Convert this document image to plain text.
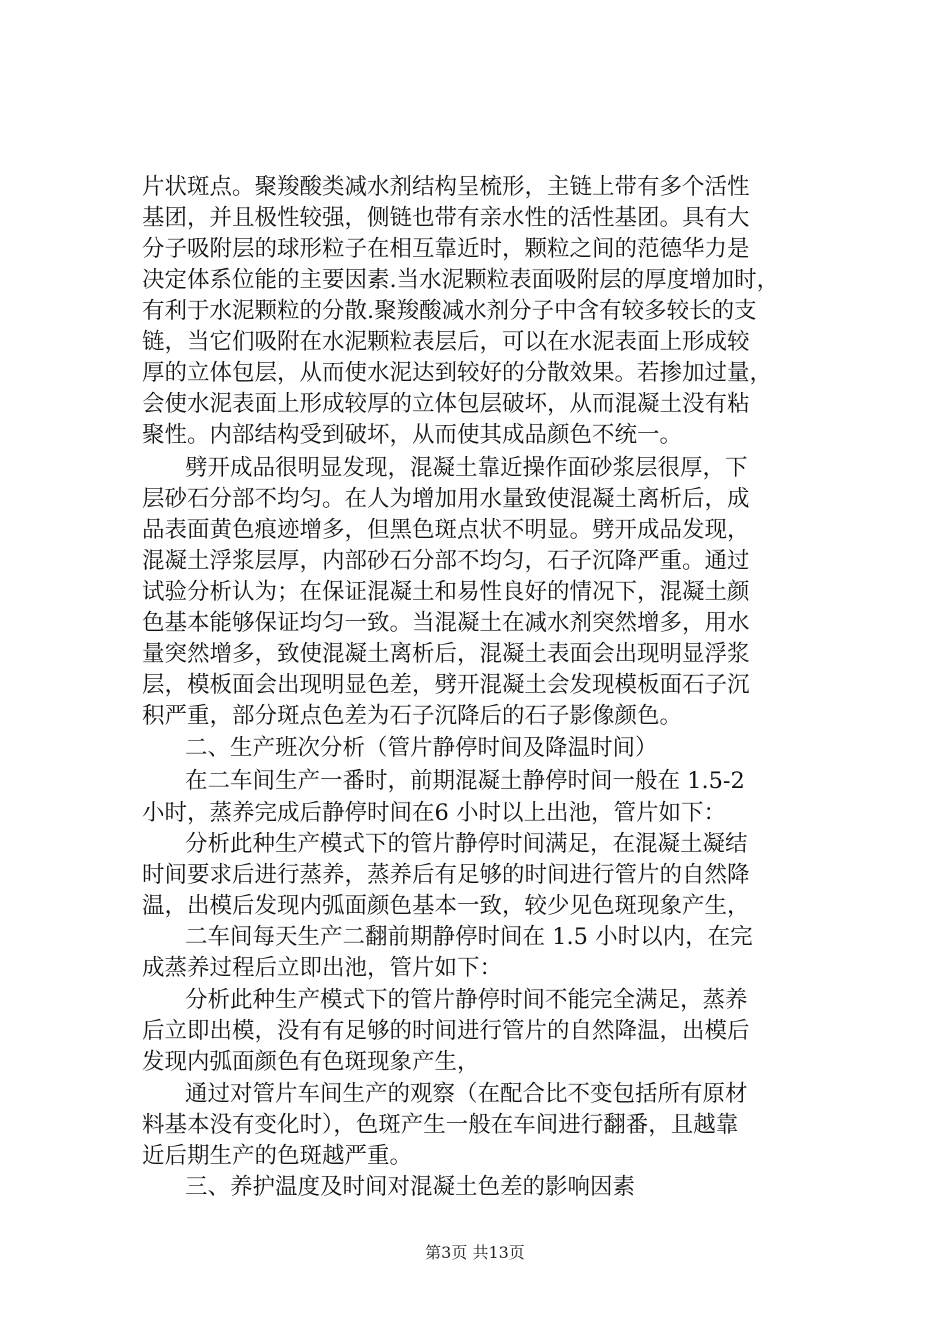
片状斑点。聚羧酸类减水剂结构呈梳形，主链上带有多个活性
基团，并且极性较强，侧链也带有亲水性的活性基团。具有大
分子吸附层的球形粒子在相互靠近时，颗粒之间的范德华力是
决定体系位能的主要因素.当水泥颗粒表面吸附层的厚度增加时，
有利于水泥颗粒的分散.聚羧酸减水剂分子中含有较多较长的支
链，当它们吸附在水泥颗粒表层后，可以在水泥表面上形成较
厚的立体包层，从而使水泥达到较好的分散效果。若掺加过量，
会使水泥表面上形成较厚的立体包层破坏，从而混凝土没有粘
聚性。内部结构受到破坏，从而使其成品颜色不统一。
劈开成品很明显发现，混凝土靠近操作面砂浆层很厚，下
层砂石分部不均匀。在人为增加用水量致使混凝土离析后，成
品表面黄色痕迹增多，但黑色斑点状不明显。劈开成品发现，
混凝土浮浆层厚，内部砂石分部不均匀，石子沉降严重。通过
试验分析认为；在保证混凝土和易性良好的情况下，混凝土颜
色基本能够保证均匀一致。当混凝土在减水剂突然增多，用水
量突然增多，致使混凝土离析后，混凝土表面会出现明显浮浆
层，模板面会出现明显色差，劈开混凝土会发现模板面石子沉
积严重，部分斑点色差为石子沉降后的石子影像颜色。
二、生产班次分析（管片静停时间及降温时间）
在二车间生产一番时，前期混凝土静停时间一般在 1.5-2
小时，蒸养完成后静停时间在6 小时以上出池，管片如下：
分析此种生产模式下的管片静停时间满足，在混凝土凝结
时间要求后进行蒸养，蒸养后有足够的时间进行管片的自然降
温，出模后发现内弧面颜色基本一致，较少见色斑现象产生，
二车间每天生产二翻前期静停时间在 1.5 小时以内，在完
成蒸养过程后立即出池，管片如下：
分析此种生产模式下的管片静停时间不能完全满足，蒸养
后立即出模，没有有足够的时间进行管片的自然降温，出模后
发现内弧面颜色有色斑现象产生，
通过对管片车间生产的观察（在配合比不变包括所有原材
料基本没有变化时），色斑产生一般在车间进行翻番，且越靠
近后期生产的色斑越严重。
三、养护温度及时间对混凝土色差的影响因素
第3页 共13页
